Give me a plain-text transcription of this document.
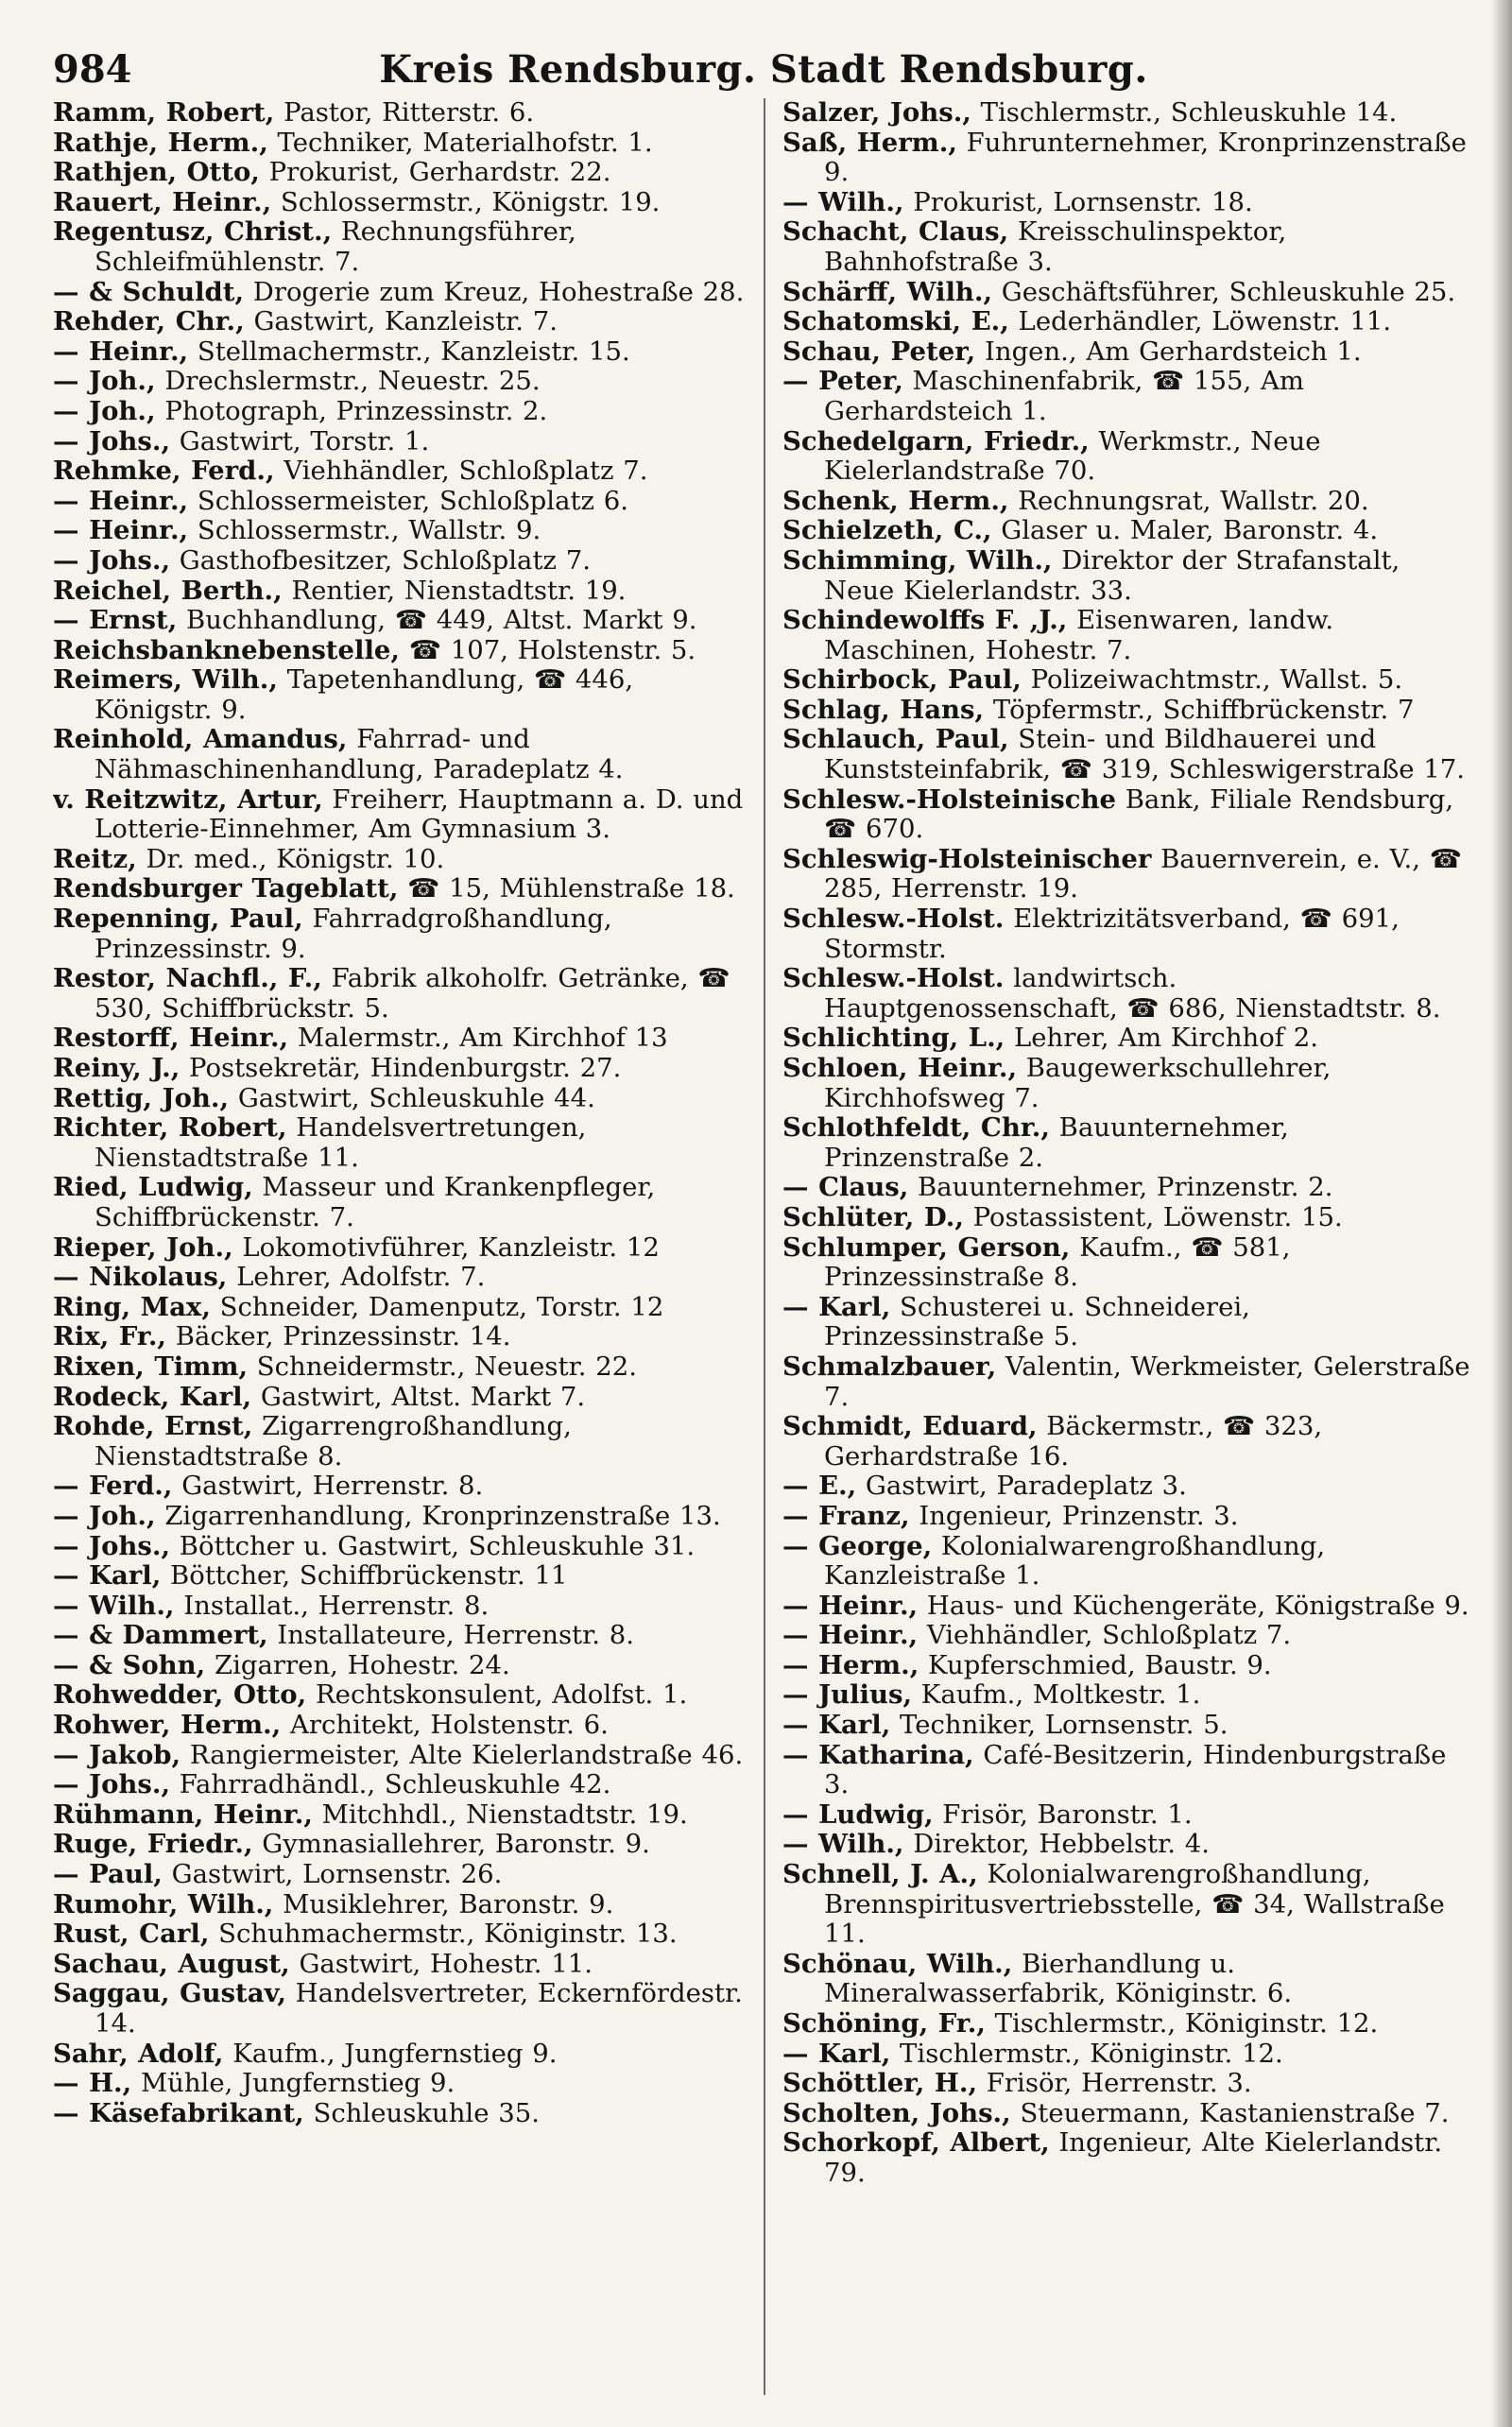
984	Kreis Rendsburg. Stadt Rendsburg.
Ramm, Robert, Pastor, Ritterstr. 6.
Rathje, Herm., Techniker, Materialhofstr. 1.
Rathjen, Otto, Prokurist, Gerhardstr. 22.
Rauert, Heinr., Schlossermstr., Königstr. 19.
Regentusz, Christ., Rechnungsführer, Schleifmühlenstr. 7.
— & Schuldt, Drogerie zum Kreuz, Hohestraße 28.
Rehder, Chr., Gastwirt, Kanzleistr. 7.
— Heinr., Stellmachermstr., Kanzleistr. 15.
— Joh., Drechslermstr., Neuestr. 25.
— Joh., Photograph, Prinzessinstr. 2.
— Johs., Gastwirt, Torstr. 1.
Rehmke, Ferd., Viehhändler, Schloßplatz 7.
— Heinr., Schlossermeister, Schloßplatz 6.
— Heinr., Schlossermstr., Wallstr. 9.
— Johs., Gasthofbesitzer, Schloßplatz 7.
Reichel, Berth., Rentier, Nienstadtstr. 19.
— Ernst, Buchhandlung, ☎ 449, Altst. Markt 9.
Reichsbanknebenstelle, ☎ 107, Holstenstr. 5.
Reimers, Wilh., Tapetenhandlung, ☎ 446, Königstr. 9.
Reinhold, Amandus, Fahrrad- und Nähmaschinenhandlung, Paradeplatz 4.
v. Reitzwitz, Artur, Freiherr, Hauptmann a. D. und Lotterie-Einnehmer, Am Gymnasium 3.
Reitz, Dr. med., Königstr. 10.
Rendsburger Tageblatt, ☎ 15, Mühlenstraße 18.
Repenning, Paul, Fahrradgroßhandlung, Prinzessinstr. 9.
Restor, Nachfl., F., Fabrik alkoholfr. Getränke, ☎ 530, Schiffbrückstr. 5.
Restorff, Heinr., Malermstr., Am Kirchhof 13
Reiny, J., Postsekretär, Hindenburgstr. 27.
Rettig, Joh., Gastwirt, Schleuskuhle 44.
Richter, Robert, Handelsvertretungen, Nienstadtstraße 11.
Ried, Ludwig, Masseur und Krankenpfleger, Schiffbrückenstr. 7.
Rieper, Joh., Lokomotivführer, Kanzleistr. 12
— Nikolaus, Lehrer, Adolfstr. 7.
Ring, Max, Schneider, Damenputz, Torstr. 12
Rix, Fr., Bäcker, Prinzessinstr. 14.
Rixen, Timm, Schneidermstr., Neuestr. 22.
Rodeck, Karl, Gastwirt, Altst. Markt 7.
Rohde, Ernst, Zigarrengroßhandlung, Nienstadtstraße 8.
— Ferd., Gastwirt, Herrenstr. 8.
— Joh., Zigarrenhandlung, Kronprinzenstraße 13.
— Johs., Böttcher u. Gastwirt, Schleuskuhle 31.
— Karl, Böttcher, Schiffbrückenstr. 11
— Wilh., Installat., Herrenstr. 8.
— & Dammert, Installateure, Herrenstr. 8.
— & Sohn, Zigarren, Hohestr. 24.
Rohwedder, Otto, Rechtskonsulent, Adolfst. 1.
Rohwer, Herm., Architekt, Holstenstr. 6.
— Jakob, Rangiermeister, Alte Kielerlandstraße 46.
— Johs., Fahrradhändl., Schleuskuhle 42.
Rühmann, Heinr., Mitchhdl., Nienstadtstr. 19.
Ruge, Friedr., Gymnasiallehrer, Baronstr. 9.
— Paul, Gastwirt, Lornsenstr. 26.
Rumohr, Wilh., Musiklehrer, Baronstr. 9.
Rust, Carl, Schuhmachermstr., Königinstr. 13.
Sachau, August, Gastwirt, Hohestr. 11.
Saggau, Gustav, Handelsvertreter, Eckernfördestr. 14.
Sahr, Adolf, Kaufm., Jungfernstieg 9.
— H., Mühle, Jungfernstieg 9.
— Käsefabrikant, Schleuskuhle 35.
Salzer, Johs., Tischlermstr., Schleuskuhle 14.
Saß, Herm., Fuhrunternehmer, Kronprinzenstraße 9.
— Wilh., Prokurist, Lornsenstr. 18.
Schacht, Claus, Kreisschulinspektor, Bahnhofstraße 3.
Schärff, Wilh., Geschäftsführer, Schleuskuhle 25.
Schatomski, E., Lederhändler, Löwenstr. 11.
Schau, Peter, Ingen., Am Gerhardsteich 1.
— Peter, Maschinenfabrik, ☎ 155, Am Gerhardsteich 1.
Schedelgarn, Friedr., Werkmstr., Neue Kielerlandstraße 70.
Schenk, Herm., Rechnungsrat, Wallstr. 20.
Schielzeth, C., Glaser u. Maler, Baronstr. 4.
Schimming, Wilh., Direktor der Strafanstalt, Neue Kielerlandstr. 33.
Schindewolffs F. ,J., Eisenwaren, landw. Maschinen, Hohestr. 7.
Schirbock, Paul, Polizeiwachtmstr., Wallst. 5.
Schlag, Hans, Töpfermstr., Schiffbrückenstr. 7
Schlauch, Paul, Stein- und Bildhauerei und Kunststeinfabrik, ☎ 319, Schleswigerstraße 17.
Schlesw.-Holsteinische Bank, Filiale Rendsburg, ☎ 670.
Schleswig-Holsteinischer Bauernverein, e. V., ☎ 285, Herrenstr. 19.
Schlesw.-Holst. Elektrizitätsverband, ☎ 691, Stormstr.
Schlesw.-Holst. landwirtsch. Hauptgenossenschaft, ☎ 686, Nienstadtstr. 8.
Schlichting, L., Lehrer, Am Kirchhof 2.
Schloen, Heinr., Baugewerkschullehrer, Kirchhofsweg 7.
Schlothfeldt, Chr., Bauunternehmer, Prinzenstraße 2.
— Claus, Bauunternehmer, Prinzenstr. 2.
Schlüter, D., Postassistent, Löwenstr. 15.
Schlumper, Gerson, Kaufm., ☎ 581, Prinzessinstraße 8.
— Karl, Schusterei u. Schneiderei, Prinzessinstraße 5.
Schmalzbauer, Valentin, Werkmeister, Gelerstraße 7.
Schmidt, Eduard, Bäckermstr., ☎ 323, Gerhardstraße 16.
— E., Gastwirt, Paradeplatz 3.
— Franz, Ingenieur, Prinzenstr. 3.
— George, Kolonialwarengroßhandlung, Kanzleistraße 1.
— Heinr., Haus- und Küchengeräte, Königstraße 9.
— Heinr., Viehhändler, Schloßplatz 7.
— Herm., Kupferschmied, Baustr. 9.
— Julius, Kaufm., Moltkestr. 1.
— Karl, Techniker, Lornsenstr. 5.
— Katharina, Café-Besitzerin, Hindenburgstraße 3.
— Ludwig, Frisör, Baronstr. 1.
— Wilh., Direktor, Hebbelstr. 4.
Schnell, J. A., Kolonialwarengroßhandlung, Brennspiritusvertriebsstelle, ☎ 34, Wallstraße 11.
Schönau, Wilh., Bierhandlung u. Mineralwasserfabrik, Königinstr. 6.
Schöning, Fr., Tischlermstr., Königinstr. 12.
— Karl, Tischlermstr., Königinstr. 12.
Schöttler, H., Frisör, Herrenstr. 3.
Scholten, Johs., Steuermann, Kastanienstraße 7.
Schorkopf, Albert, Ingenieur, Alte Kielerlandstr. 79.
